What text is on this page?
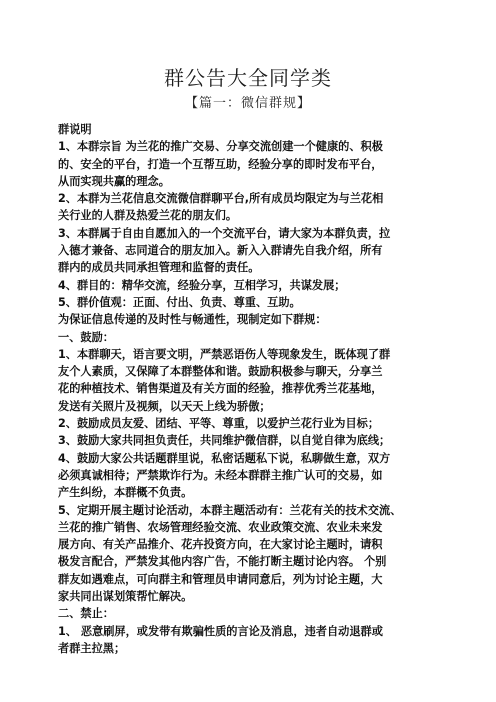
群公告大全同学类
【篇一：微信群规】
群说明
1、本群宗旨 为兰花的推广交易、分享交流创建一个健康的、积极
的、安全的平台，打造一个互帮互助，经验分享的即时发布平台，
从而实现共赢的理念。
2、本群为兰花信息交流微信群聊平台,所有成员均限定为与兰花相
关行业的人群及热爱兰花的朋友们。
3、本群属于自由自愿加入的一个交流平台，请大家为本群负责，拉
入德才兼备、志同道合的朋友加入。新入入群请先自我介绍，所有
群内的成员共同承担管理和监督的责任。
4、群目的：精华交流，经验分享，互相学习，共谋发展；
5、群价值观：正面、付出、负责、尊重、互助。
为保证信息传递的及时性与畅通性，现制定如下群规：
一、鼓励：
1、本群聊天，语言要文明，严禁恶语伤人等现象发生，既体现了群
友个人素质，又保障了本群整体和谐。鼓励积极参与聊天，分享兰
花的种植技术、销售渠道及有关方面的经验，推荐优秀兰花基地，
发送有关照片及视频，以天天上线为骄傲；
2、鼓励成员友爱、团结、平等、尊重，以爱护兰花行业为目标；
3、鼓励大家共同担负责任，共同维护微信群，以自觉自律为底线；
4、鼓励大家公共话题群里说，私密话题私下说，私聊做生意，双方
必须真诚相待；严禁欺诈行为。未经本群群主推广认可的交易，如
产生纠纷，本群概不负责。
5、定期开展主题讨论活动，本群主题活动有：兰花有关的技术交流、
兰花的推广销售、农场管理经验交流、农业政策交流、农业未来发
展方向、有关产品推介、花卉投资方向，在大家讨论主题时，请积
极发言配合，严禁发其他内容广告，不能打断主题讨论内容。 个别
群友如遇难点，可向群主和管理员申请同意后，列为讨论主题，大
家共同出谋划策帮忙解决。
二、禁止：
1、 恶意刷屏，或发带有欺骗性质的言论及消息，违者自动退群或
者群主拉黑；
